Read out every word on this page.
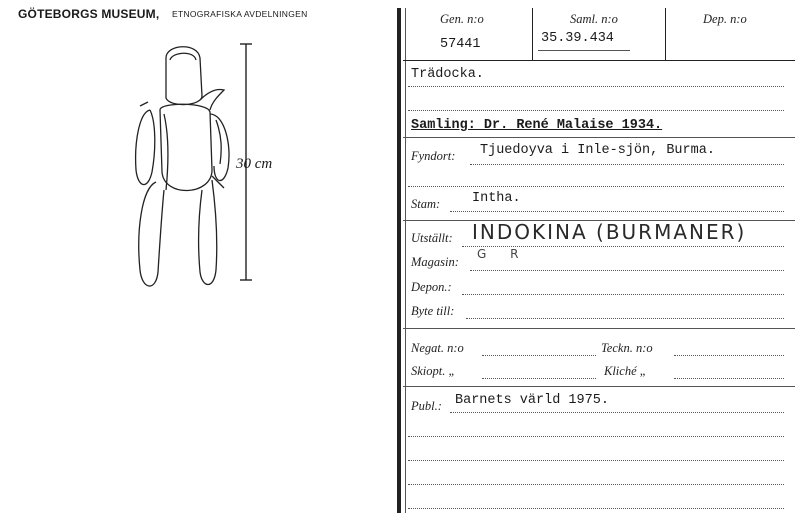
GÖTEBORGS MUSEUM, ETNOGRAFISKA AVDELNINGEN
30 cm
Gen. n:o
57441
Saml. n:o
35.39.434
Dep. n:o
Trädocka.
Samling: Dr. René Malaise 1934.
Fyndort: Tjuedoyva i Inle-sjön, Burma.
Stam: Intha.
Utställt: INDOKINA (BURMANER)
Magasin:
G R
Depon.:
Byte till:
Negat. n:o	Teckn. n:o
Skiopt. „	Kliché „
Publ.: Barnets värld 1975.
